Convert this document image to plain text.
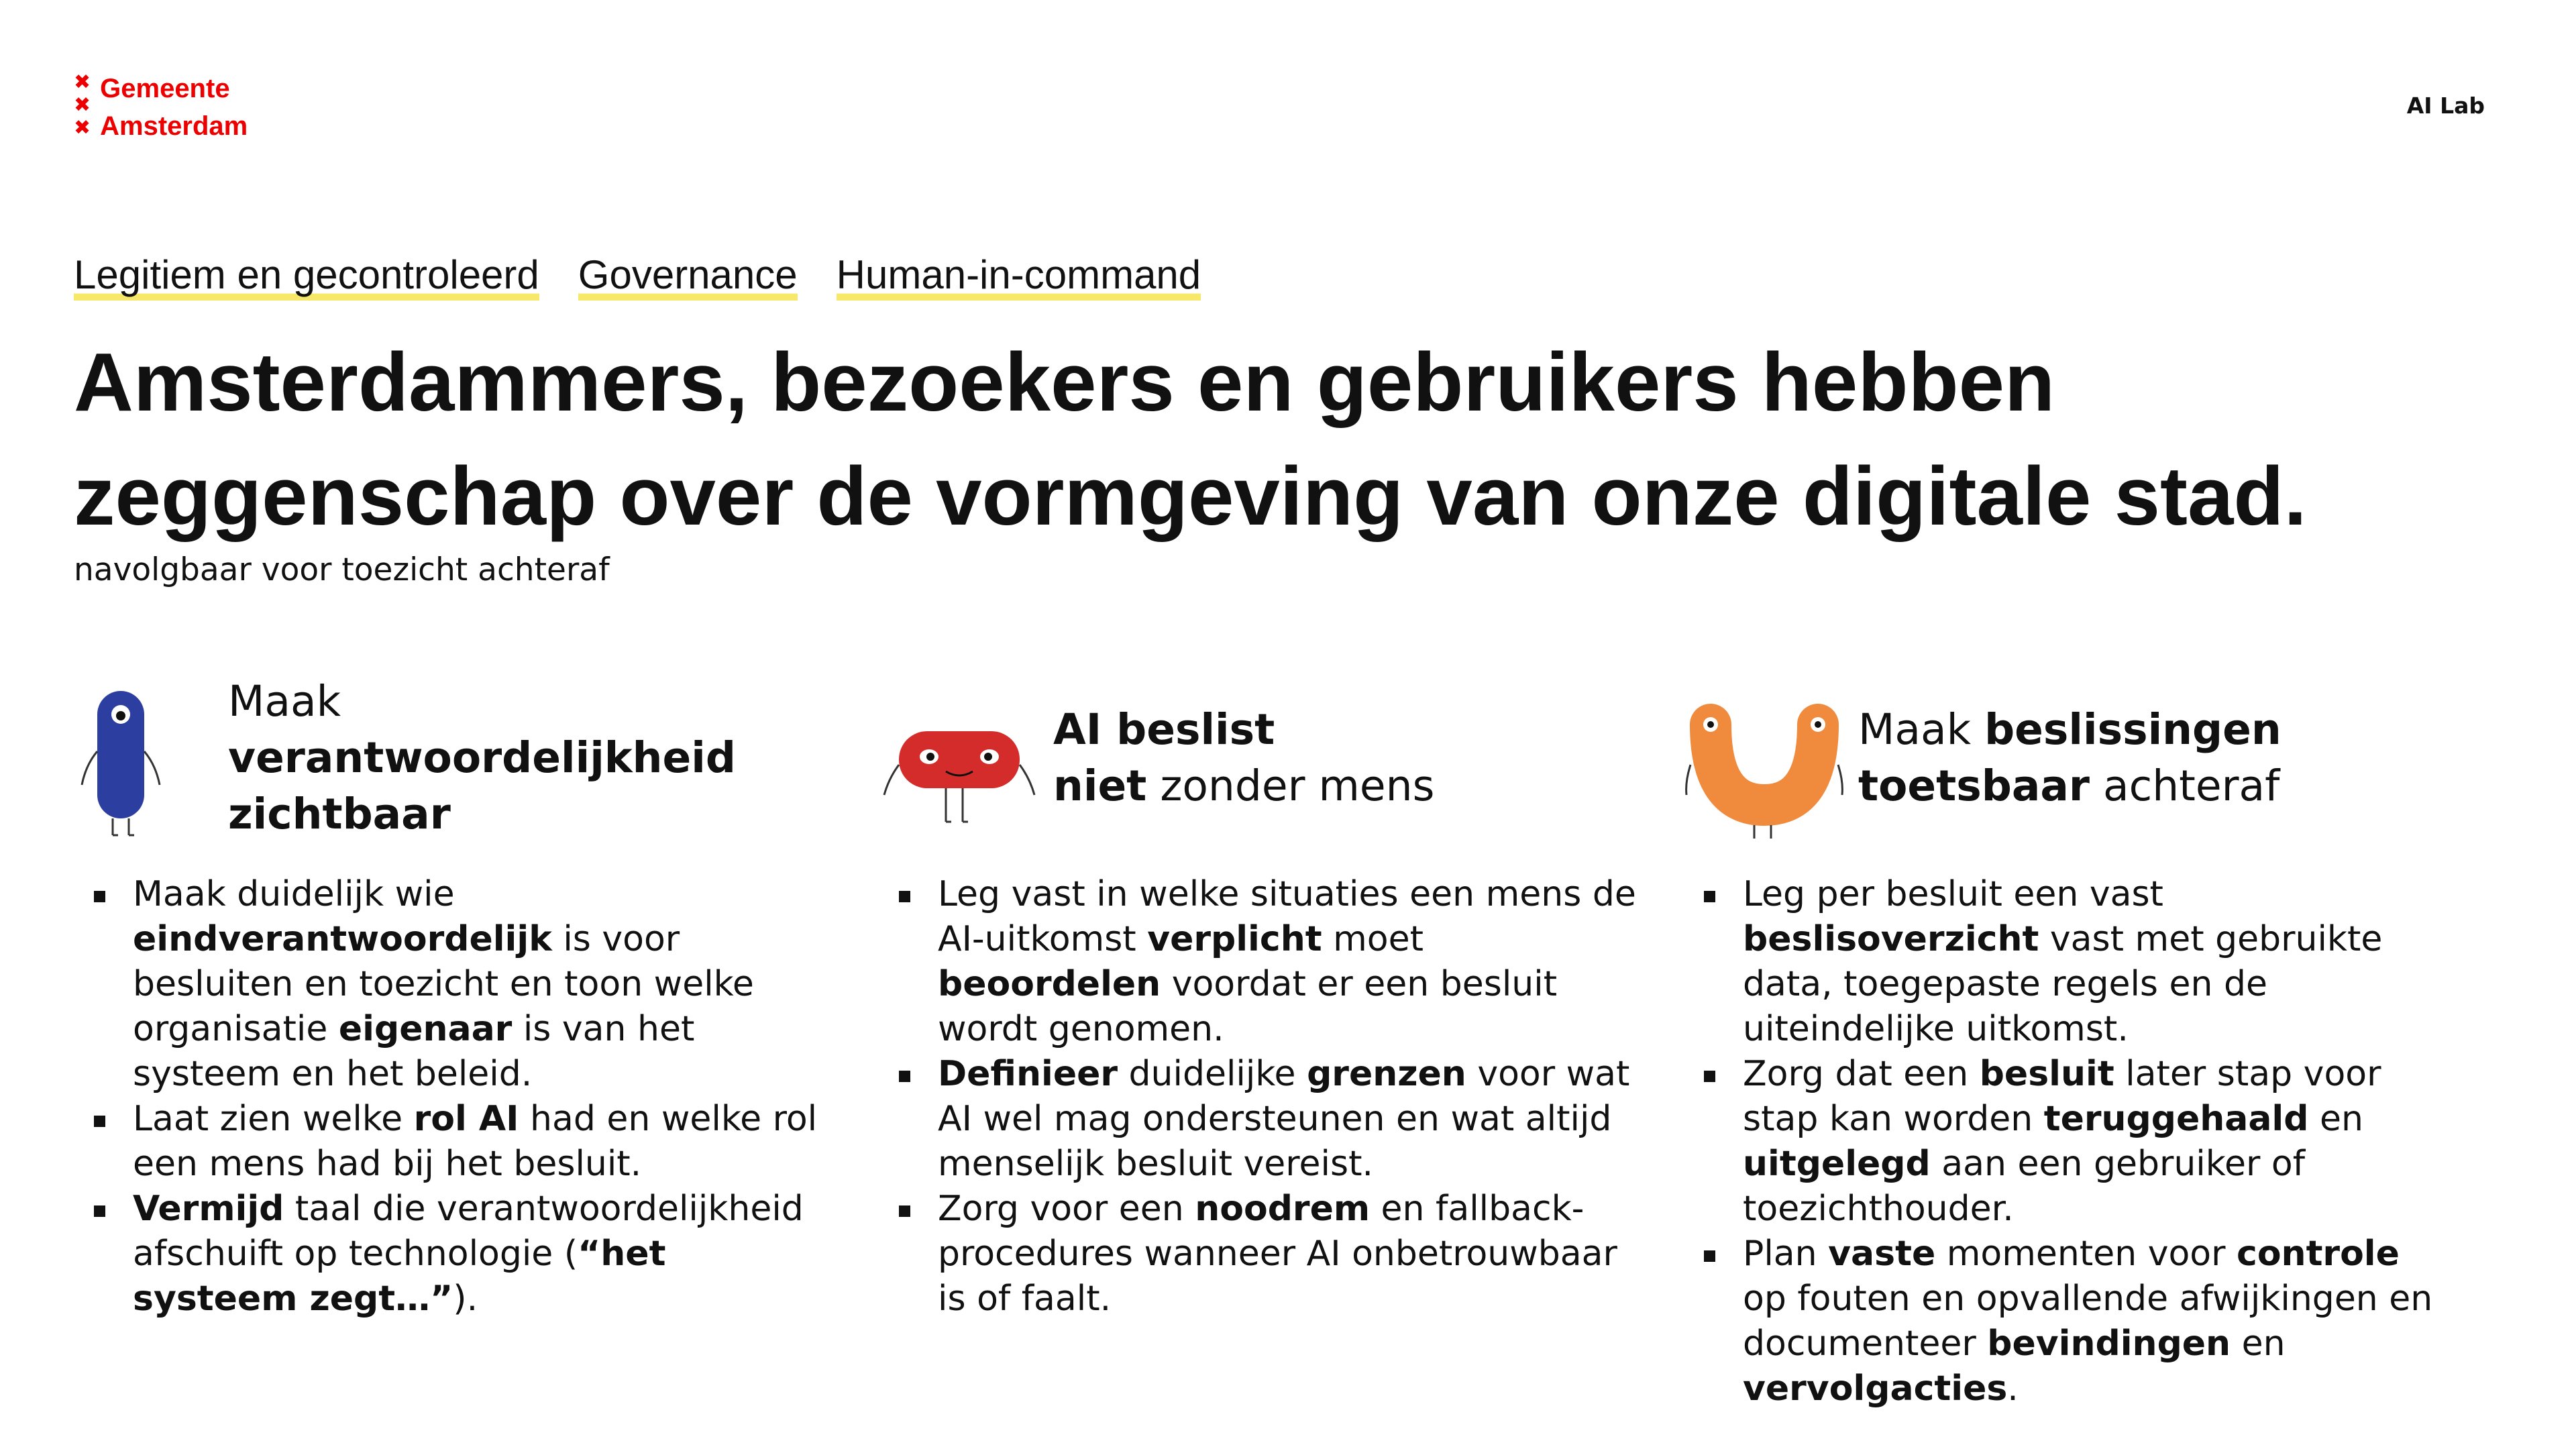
✖
✖
✖
Gemeente
Amsterdam
AI Lab
Legitiem en gecontroleerd Governance Human-in-command
Amsterdammers, bezoekers en gebruikers hebben zeggenschap over de vormgeving van onze digitale stad.
navolgbaar voor toezicht achteraf
Maak
verantwoordelijkheid zichtbaar
Maak duidelijk wie eindverantwoordelijk is voor besluiten en toezicht en toon welke organisatie eigenaar is van het systeem en het beleid.
Laat zien welke rol AI had en welke rol een mens had bij het besluit.
Vermijd taal die verantwoordelijkheid afschuift op technologie (“het systeem zegt…”).
AI beslist
niet zonder mens
Leg vast in welke situaties een mens de AI-uitkomst verplicht moet beoordelen voordat er een besluit wordt genomen.
Definieer duidelijke grenzen voor wat AI wel mag ondersteunen en wat altijd menselijk besluit vereist.
Zorg voor een noodrem en fallback-procedures wanneer AI onbetrouwbaar is of faalt.
Maak beslissingen toetsbaar achteraf
Leg per besluit een vast beslisoverzicht vast met gebruikte data, toegepaste regels en de uiteindelijke uitkomst.
Zorg dat een besluit later stap voor stap kan worden teruggehaald en uitgelegd aan een gebruiker of toezichthouder.
Plan vaste momenten voor controle op fouten en opvallende afwijkingen en documenteer bevindingen en vervolgacties.
